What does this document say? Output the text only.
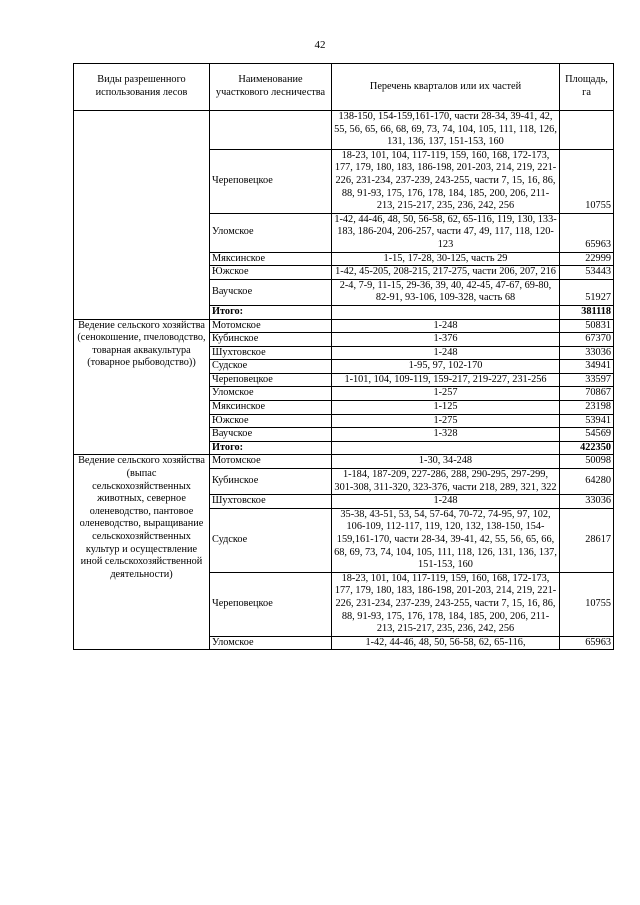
42
Виды разрешенного использования лесов	Наименование участкового лесничества	Перечень кварталов или их частей	Площадь, га
		138-150, 154-159,161-170, части 28-34, 39-41, 42, 55, 56, 65, 66, 68, 69, 73, 74, 104, 105, 111, 118, 126, 131, 136, 137, 151-153, 160	
	Череповецкое	18-23, 101, 104, 117-119, 159, 160, 168, 172-173, 177, 179, 180, 183, 186-198, 201-203, 214, 219, 221-226, 231-234, 237-239, 243-255, части 7, 15, 16, 86, 88, 91-93, 175, 176, 178, 184, 185, 200, 206, 211-213, 215-217, 235, 236, 242, 256	10755
	Уломское	1-42, 44-46, 48, 50, 56-58, 62, 65-116, 119, 130, 133-183, 186-204, 206-257, части 47, 49, 117, 118, 120-123	65963
	Мяксинское	1-15, 17-28, 30-125, часть 29	22999
	Южское	1-42, 45-205, 208-215, 217-275, части 206, 207, 216	53443
	Ваучское	2-4, 7-9, 11-15, 29-36, 39, 40, 42-45, 47-67, 69-80, 82-91, 93-106, 109-328, часть 68	51927
	Итого:		381118
Ведение сельского хозяйства (сенокошение, пчеловодство, товарная аквакультура (товарное рыбоводство))	Мотомское	1-248	50831
	Кубинское	1-376	67370
	Шухтовское	1-248	33036
	Судское	1-95, 97, 102-170	34941
	Череповецкое	1-101, 104, 109-119, 159-217, 219-227, 231-256	33597
	Уломское	1-257	70867
	Мяксинское	1-125	23198
	Южское	1-275	53941
	Ваучское	1-328	54569
	Итого:		422350
Ведение сельского хозяйства (выпас сельскохозяйственных животных, северное оленеводство, пантовое оленеводство, выращивание сельскохозяйственных культур и осуществление иной сельскохозяйственной деятельности)	Мотомское	1-30, 34-248	50098
	Кубинское	1-184, 187-209, 227-286, 288, 290-295, 297-299, 301-308, 311-320, 323-376, части 218, 289, 321, 322	64280
	Шухтовское	1-248	33036
	Судское	35-38, 43-51, 53, 54, 57-64, 70-72, 74-95, 97, 102, 106-109, 112-117, 119, 120, 132, 138-150, 154-159,161-170, части 28-34, 39-41, 42, 55, 56, 65, 66, 68, 69, 73, 74, 104, 105, 111, 118, 126, 131, 136, 137, 151-153, 160	28617
	Череповецкое	18-23, 101, 104, 117-119, 159, 160, 168, 172-173, 177, 179, 180, 183, 186-198, 201-203, 214, 219, 221-226, 231-234, 237-239, 243-255, части 7, 15, 16, 86, 88, 91-93, 175, 176, 178, 184, 185, 200, 206, 211-213, 215-217, 235, 236, 242, 256	10755
	Уломское	1-42, 44-46, 48, 50, 56-58, 62, 65-116,	65963
